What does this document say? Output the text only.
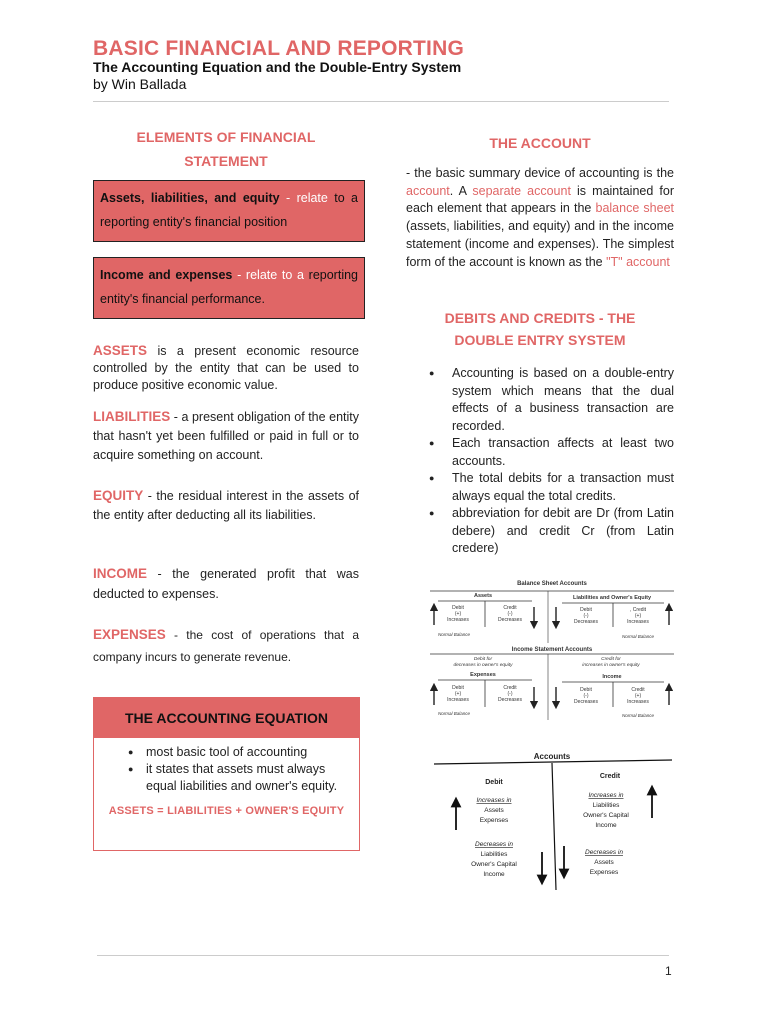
BASIC FINANCIAL AND REPORTING
The Accounting Equation and the Double-Entry System
by Win Ballada
ELEMENTS OF FINANCIAL
STATEMENT
Assets, liabilities, and equity - relate to a reporting entity's financial position
Income and expenses - relate to a reporting entity's financial performance.
ASSETS is a present economic resource controlled by the entity that can be used to produce positive economic value.
LIABILITIES - a present obligation of the entity that hasn't yet been fulfilled or paid in full or to acquire something on account.
EQUITY - the residual interest in the assets of the entity after deducting all its liabilities.
INCOME - the generated profit that was deducted to expenses.
EXPENSES - the cost of operations that a company incurs to generate revenue.
THE ACCOUNTING EQUATION
● most basic tool of accounting
● it states that assets must always equal liabilities and owner's equity.
ASSETS = LIABILITIES + OWNER'S EQUITY
THE ACCOUNT
- the basic summary device of accounting is the account. A separate account is maintained for each element that appears in the balance sheet (assets, liabilities, and equity) and in the income statement (income and expenses). The simplest form of the account is known as the "T" account
DEBITS AND CREDITS - THE
DOUBLE ENTRY SYSTEM
● Accounting is based on a double-entry system which means that the dual effects of a business transaction are recorded.
● Each transaction affects at least two accounts.
● The total debits for a transaction must always equal the total credits.
● abbreviation for debit are Dr (from Latin debere) and credit Cr (from Latin credere)
Balance Sheet Accounts
Assets	Liabilities and Owner's Equity
Debit
(+)
Increases
Credit
(-)
Decreases
Normal Balance
Debit
(-)
Decreases
, Credit
(+)
Increases
Normal Balance
Income Statement Accounts
Debit for
decreases in owner's equity
Credit for
increases in owner's equity
Expenses	Income
Debit
(+)
Increases
Credit
(-)
Decreases
Normal Balance
Debit
(-)
Decreases
Credit
(+)
Increases
Normal Balance
Accounts
Debit
Credit
Increases in
Assets
Expenses
Increases in
Liabilities
Owner's Capital
Income
Decreases in
Liabilities
Owner's Capital
Income
Decreases in
Assets
Expenses
1
